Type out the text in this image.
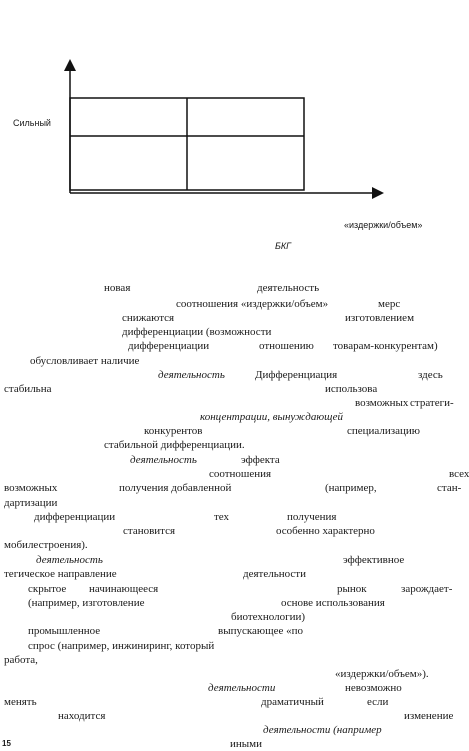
Сильный
«издержки/объем»
БКГ
новая	деятельность
соотношения «издержки/объем»	мерс
снижаются	изготовлением
дифференциации (возможности
дифференциации	отношению товарам-конкурентам)
обусловливает наличие
деятельность	Дифференциация	здесь
стабильна	использова
возможных стратеги-
концентрации, вынуждающей
конкурентов	специализацию
стабильной дифференциации.
деятельность	эффекта
соотношения	всех
возможных	получения добавленной	(например,	стан-
дартизации
дифференциации	тех	получения
становится	особенно характерно
мобилестроения).
деятельность	эффективное
тегическое направление	деятельности
скрытое начинающееся	рынок	зарождает-
(например, изготовление	основе использования
биотехнологии)
промышленное	выпускающее «по
спрос (например, инжиниринг, который
работа,
«издержки/объем»).
деятельности	невозможно
менять	драматичный	если
находится	изменение
деятельности (например
иными
15
